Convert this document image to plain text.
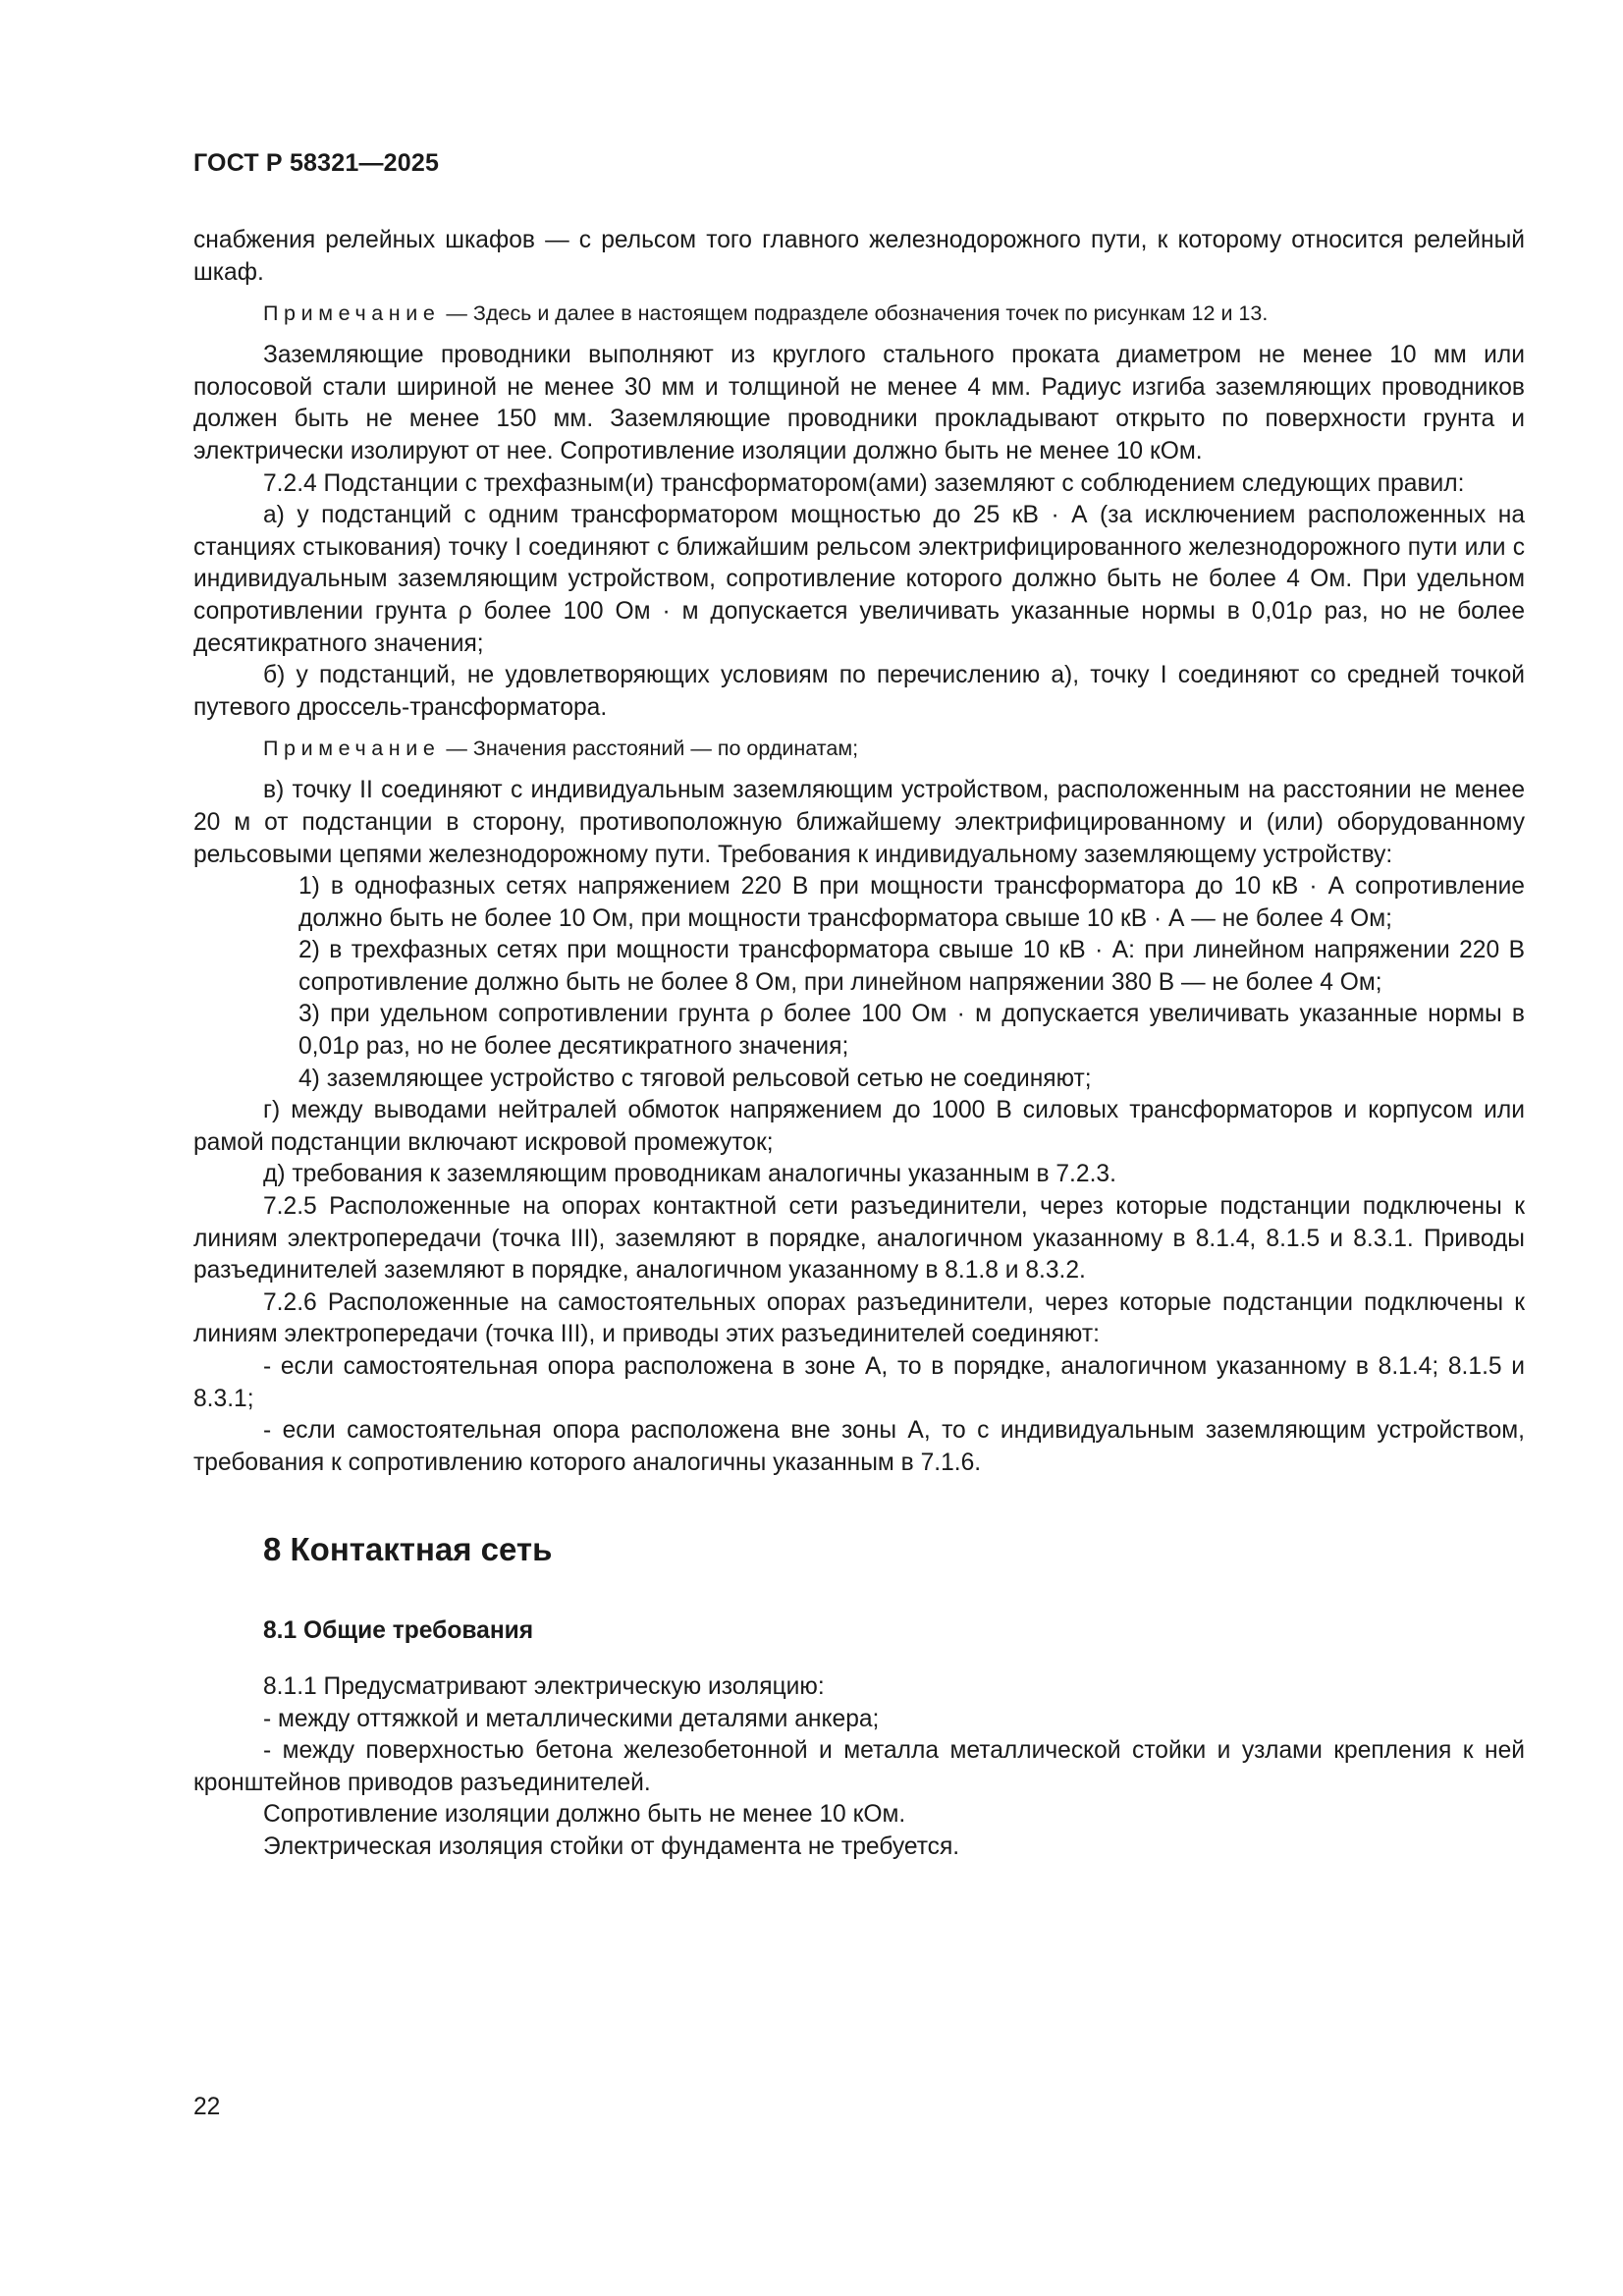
ГОСТ Р 58321—2025

снабжения релейных шкафов — с рельсом того главного железнодорожного пути, к которому относится релейный шкаф.

Примечание — Здесь и далее в настоящем подразделе обозначения точек по рисункам 12 и 13.

Заземляющие проводники выполняют из круглого стального проката диаметром не менее 10 мм или полосовой стали шириной не менее 30 мм и толщиной не менее 4 мм. Радиус изгиба заземляющих проводников должен быть не менее 150 мм. Заземляющие проводники прокладывают открыто по поверхности грунта и электрически изолируют от нее. Сопротивление изоляции должно быть не менее 10 кОм.

7.2.4 Подстанции с трехфазным(и) трансформатором(ами) заземляют с соблюдением следующих правил:

а) у подстанций с одним трансформатором мощностью до 25 кВ · А (за исключением расположенных на станциях стыкования) точку I соединяют с ближайшим рельсом электрифицированного железнодорожного пути или с индивидуальным заземляющим устройством, сопротивление которого должно быть не более 4 Ом. При удельном сопротивлении грунта ρ более 100 Ом · м допускается увеличивать указанные нормы в 0,01ρ раз, но не более десятикратного значения;

б) у подстанций, не удовлетворяющих условиям по перечислению а), точку I соединяют со средней точкой путевого дроссель-трансформатора.

Примечание — Значения расстояний — по ординатам;

в) точку II соединяют с индивидуальным заземляющим устройством, расположенным на расстоянии не менее 20 м от подстанции в сторону, противоположную ближайшему электрифицированному и (или) оборудованному рельсовыми цепями железнодорожному пути. Требования к индивидуальному заземляющему устройству:

1) в однофазных сетях напряжением 220 В при мощности трансформатора до 10 кВ · А сопротивление должно быть не более 10 Ом, при мощности трансформатора свыше 10 кВ · А — не более 4 Ом;

2) в трехфазных сетях при мощности трансформатора свыше 10 кВ · А: при линейном напряжении 220 В сопротивление должно быть не более 8 Ом, при линейном напряжении 380 В — не более 4 Ом;

3) при удельном сопротивлении грунта ρ более 100 Ом · м допускается увеличивать указанные нормы в 0,01ρ раз, но не более десятикратного значения;

4) заземляющее устройство с тяговой рельсовой сетью не соединяют;

г) между выводами нейтралей обмоток напряжением до 1000 В силовых трансформаторов и корпусом или рамой подстанции включают искровой промежуток;

д) требования к заземляющим проводникам аналогичны указанным в 7.2.3.

7.2.5 Расположенные на опорах контактной сети разъединители, через которые подстанции подключены к линиям электропередачи (точка III), заземляют в порядке, аналогичном указанному в 8.1.4, 8.1.5 и 8.3.1. Приводы разъединителей заземляют в порядке, аналогичном указанному в 8.1.8 и 8.3.2.

7.2.6 Расположенные на самостоятельных опорах разъединители, через которые подстанции подключены к линиям электропередачи (точка III), и приводы этих разъединителей соединяют:

- если самостоятельная опора расположена в зоне А, то в порядке, аналогичном указанному в 8.1.4; 8.1.5 и 8.3.1;

- если самостоятельная опора расположена вне зоны А, то с индивидуальным заземляющим устройством, требования к сопротивлению которого аналогичны указанным в 7.1.6.

8 Контактная сеть

8.1 Общие требования

8.1.1 Предусматривают электрическую изоляцию:

- между оттяжкой и металлическими деталями анкера;

- между поверхностью бетона железобетонной и металла металлической стойки и узлами крепления к ней кронштейнов приводов разъединителей.

Сопротивление изоляции должно быть не менее 10 кОм.

Электрическая изоляция стойки от фундамента не требуется.

22
